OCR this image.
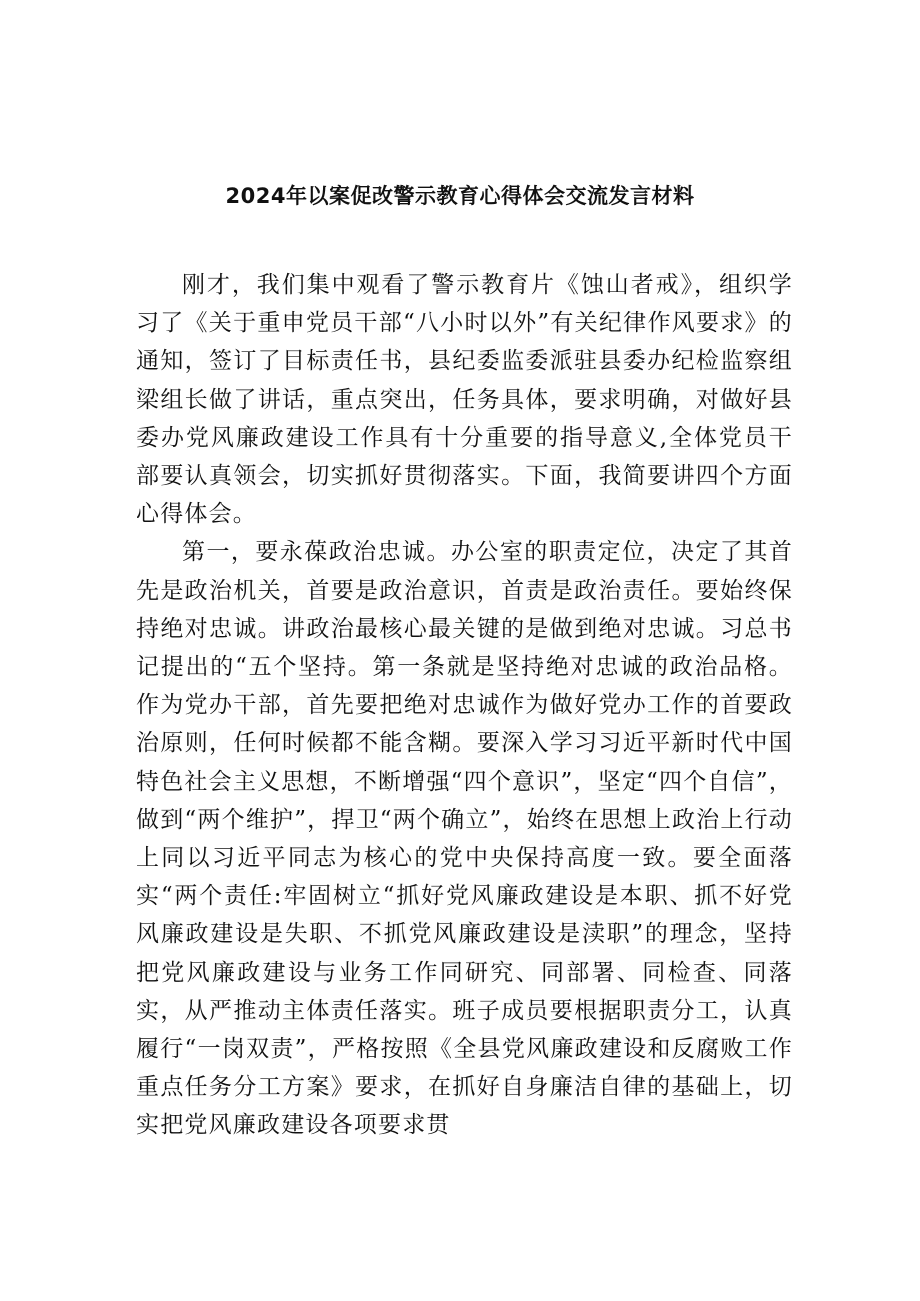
2024年以案促改警示教育心得体会交流发言材料

刚才，我们集中观看了警示教育片《蚀山者戒》，组织学习了《关于重申党员干部“八小时以外”有关纪律作风要求》的通知，签订了目标责任书，县纪委监委派驻县委办纪检监察组梁组长做了讲话，重点突出，任务具体，要求明确，对做好县委办党风廉政建设工作具有十分重要的指导意义,全体党员干部要认真领会，切实抓好贯彻落实。下面，我简要讲四个方面心得体会。

第一，要永葆政治忠诚。办公室的职责定位，决定了其首先是政治机关，首要是政治意识，首责是政治责任。要始终保持绝对忠诚。讲政治最核心最关键的是做到绝对忠诚。习总书记提出的“五个坚持。第一条就是坚持绝对忠诚的政治品格。作为党办干部，首先要把绝对忠诚作为做好党办工作的首要政治原则，任何时候都不能含糊。要深入学习习近平新时代中国特色社会主义思想，不断增强“四个意识”，坚定“四个自信”，做到“两个维护”，捍卫“两个确立”，始终在思想上政治上行动上同以习近平同志为核心的党中央保持高度一致。要全面落实“两个责任:牢固树立“抓好党风廉政建设是本职、抓不好党风廉政建设是失职、不抓党风廉政建设是渎职”的理念，坚持把党风廉政建设与业务工作同研究、同部署、同检查、同落实，从严推动主体责任落实。班子成员要根据职责分工，认真履行“一岗双责”，严格按照《全县党风廉政建设和反腐败工作重点任务分工方案》要求，在抓好自身廉洁自律的基础上，切实把党风廉政建设各项要求贯
